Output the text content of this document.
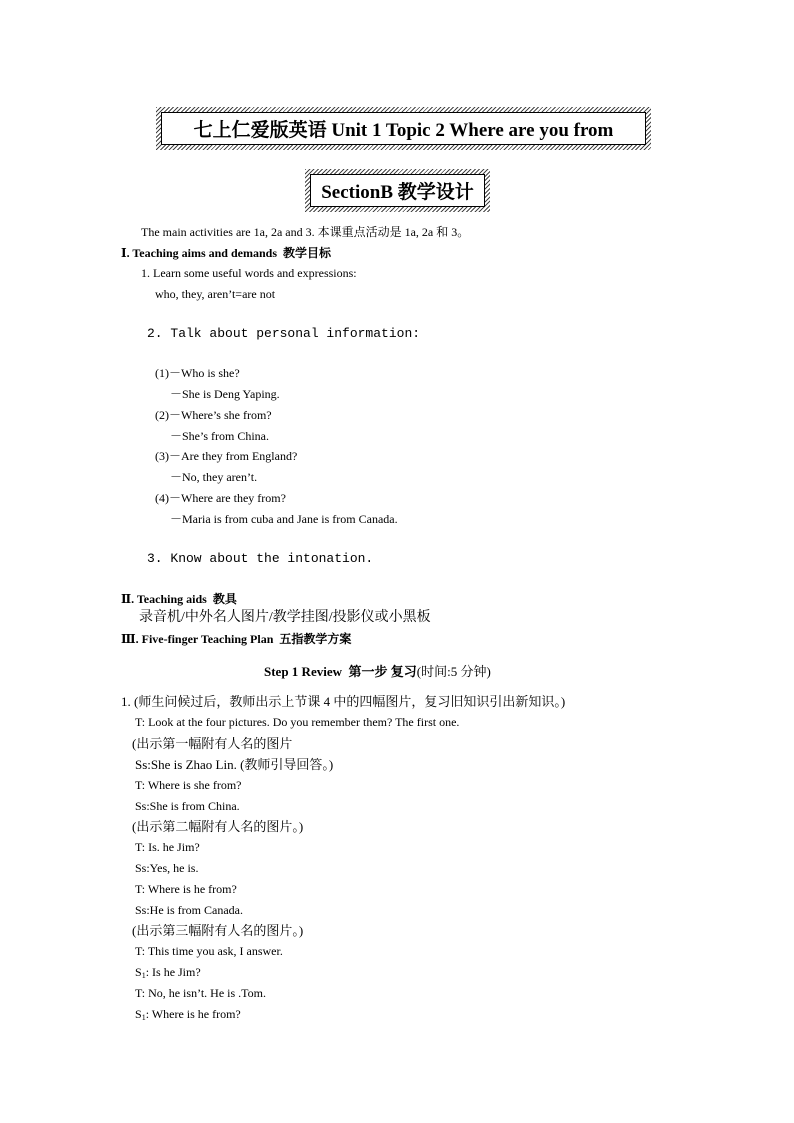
七上仁爱版英语 Unit 1 Topic 2 Where are you from
SectionB 教学设计
The main activities are 1a, 2a and 3. 本课重点活动是 1a, 2a 和 3。
Ⅰ. Teaching aims and demands 教学目标
1. Learn some useful words and expressions:
who, they, aren’t=are not
2. Talk about personal information:
(1)－Who is she?
－She is Deng Yaping.
(2)－Where’s she from?
－She’s from China.
(3)－Are they from England?
－No, they aren’t.
(4)－Where are they from?
－Maria is from cuba and Jane is from Canada.
3. Know about the intonation.
Ⅱ. Teaching aids 教具
录音机/中外名人图片/教学挂图/投影仪或小黑板
Ⅲ. Five-finger Teaching Plan 五指教学方案
Step 1 Review 第一步 复习(时间:5 分钟)
1. (师生问候过后，教师出示上节课 4 中的四幅图片，复习旧知识引出新知识。)
T: Look at the four pictures. Do you remember them? The first one.
(出示第一幅附有人名的图片
Ss:She is Zhao Lin. (教师引导回答。)
T: Where is she from?
Ss:She is from China.
(出示第二幅附有人名的图片。)
T: Is. he Jim?
Ss:Yes, he is.
T: Where is he from?
Ss:He is from Canada.
(出示第三幅附有人名的图片。)
T: This time you ask, I answer.
$S_1$: Is he Jim?
T: No, he isn’t. He is .Tom.
$S_1$: Where is he from?
